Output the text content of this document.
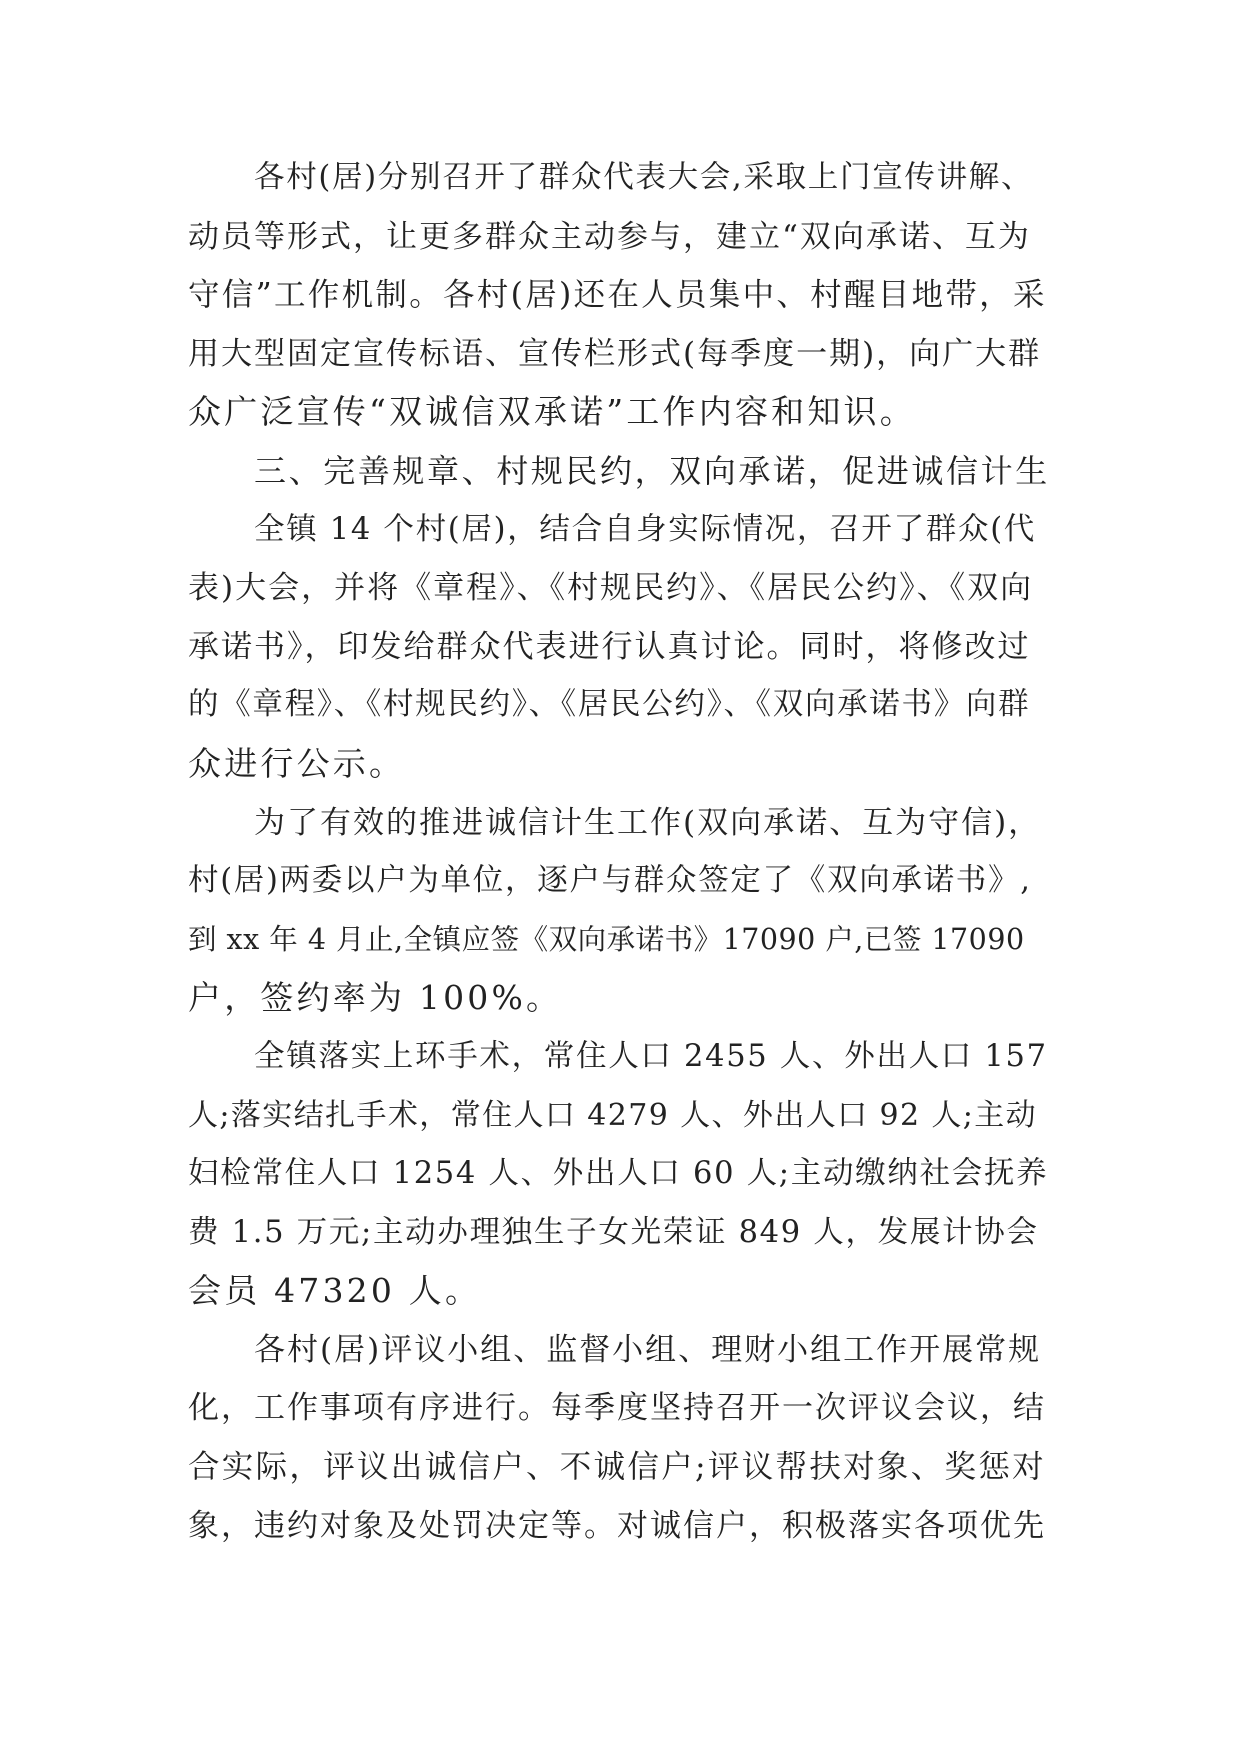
各村(居)分别召开了群众代表大会,采取上门宣传讲解、
动员等形式，让更多群众主动参与，建立“双向承诺、互为
守信”工作机制。各村(居)还在人员集中、村醒目地带，采
用大型固定宣传标语、宣传栏形式(每季度一期)，向广大群
众广泛宣传“双诚信双承诺”工作内容和知识。
三、完善规章、村规民约，双向承诺，促进诚信计生
全镇 14 个村(居)，结合自身实际情况，召开了群众(代
表)大会，并将《章程》、《村规民约》、《居民公约》、《双向
承诺书》，印发给群众代表进行认真讨论。同时，将修改过
的《章程》、《村规民约》、《居民公约》、《双向承诺书》向群
众进行公示。
为了有效的推进诚信计生工作(双向承诺、互为守信)，
村(居)两委以户为单位，逐户与群众签定了《双向承诺书》,
到 xx 年 4 月止,全镇应签《双向承诺书》17090 户,已签 17090
户，签约率为 100%。
全镇落实上环手术，常住人口 2455 人、外出人口 157
人;落实结扎手术，常住人口 4279 人、外出人口 92 人;主动
妇检常住人口 1254 人、外出人口 60 人;主动缴纳社会抚养
费 1.5 万元;主动办理独生子女光荣证 849 人，发展计协会
会员 47320 人。
各村(居)评议小组、监督小组、理财小组工作开展常规
化，工作事项有序进行。每季度坚持召开一次评议会议，结
合实际，评议出诚信户、不诚信户;评议帮扶对象、奖惩对
象，违约对象及处罚决定等。对诚信户，积极落实各项优先
